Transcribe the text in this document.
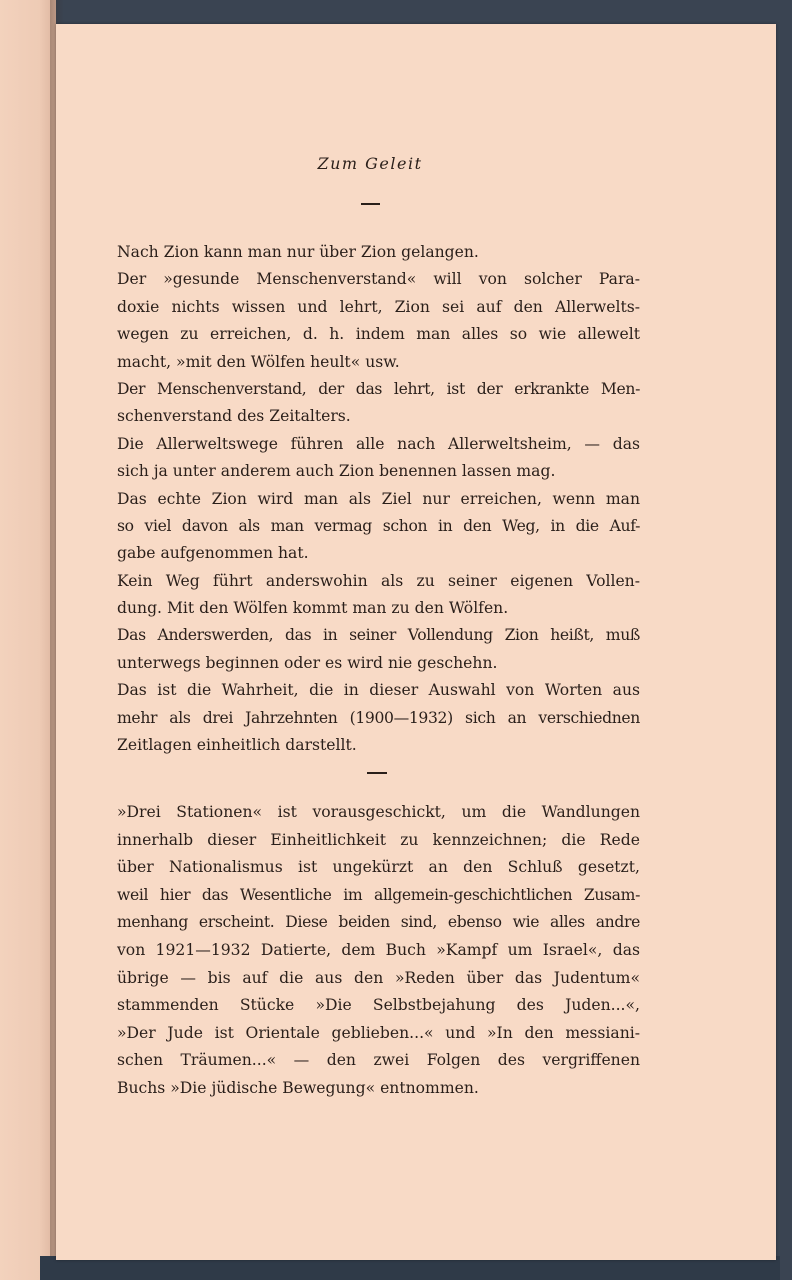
Zum Geleit
Nach Zion kann man nur über Zion gelangen.
Der »gesunde Menschenverstand« will von solcher Para-
doxie nichts wissen und lehrt, Zion sei auf den Allerwelts-
wegen zu erreichen, d. h. indem man alles so wie allewelt
macht, »mit den Wölfen heult« usw.
Der Menschenverstand, der das lehrt, ist der erkrankte Men-
schenverstand des Zeitalters.
Die Allerweltswege führen alle nach Allerweltsheim, — das
sich ja unter anderem auch Zion benennen lassen mag.
Das echte Zion wird man als Ziel nur erreichen, wenn man
so viel davon als man vermag schon in den Weg, in die Auf-
gabe aufgenommen hat.
Kein Weg führt anderswohin als zu seiner eigenen Vollen-
dung. Mit den Wölfen kommt man zu den Wölfen.
Das Anderswerden, das in seiner Vollendung Zion heißt, muß
unterwegs beginnen oder es wird nie geschehn.
Das ist die Wahrheit, die in dieser Auswahl von Worten aus
mehr als drei Jahrzehnten (1900—1932) sich an verschiednen
Zeitlagen einheitlich darstellt.
»Drei Stationen« ist vorausgeschickt, um die Wandlungen
innerhalb dieser Einheitlichkeit zu kennzeichnen; die Rede
über Nationalismus ist ungekürzt an den Schluß gesetzt,
weil hier das Wesentliche im allgemein-geschichtlichen Zusam-
menhang erscheint. Diese beiden sind, ebenso wie alles andre
von 1921—1932 Datierte, dem Buch »Kampf um Israel«, das
übrige — bis auf die aus den »Reden über das Judentum«
stammenden Stücke »Die Selbstbejahung des Juden...«,
»Der Jude ist Orientale geblieben...« und »In den messiani-
schen Träumen...« — den zwei Folgen des vergriffenen
Buchs »Die jüdische Bewegung« entnommen.
